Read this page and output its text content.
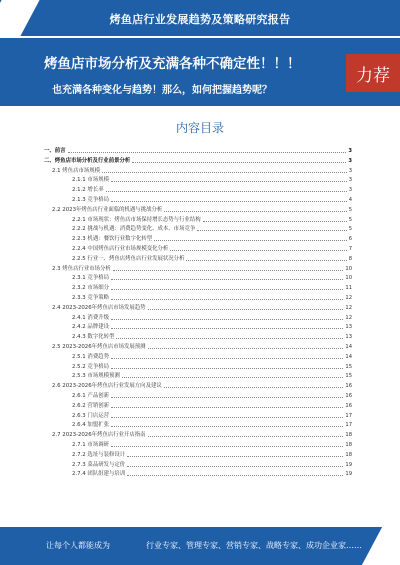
烤鱼店行业发展趋势及策略研究报告
烤鱼店市场分析及充满各种不确定性！！！
也充满各种变化与趋势！那么，如何把握趋势呢？
力荐
内容目录
一、前言	3
二、烤鱼店市场分析及行业前景分析	3
2.1 烤鱼店市场规模	3
2.1.1 市场规模	3
2.1.2 增长率	3
2.1.3 竞争格局	4
2.2 2023年烤鱼店行业面临的机遇与挑战分析	5
2.2.1 市场现状：烤鱼店市场保持增长态势与行业结构	5
2.2.2 挑战与机遇：消费趋势变化、成本、市场竞争	5
2.2.3 机遇：餐饮行业数字化转型	6
2.2.4 中国烤鱼店行业市场规模变化分析	7
2.2.5 行业一、烤鱼店烤鱼店行业发展状况分析	8
2.3 烤鱼店行业市场分析	10
2.3.1 竞争格局	10
2.3.2 市场细分	11
2.3.3 竞争策略	12
2.4 2023-2026年烤鱼店市场发展趋势	12
2.4.1 消费升级	12
2.4.2 品牌建设	13
2.4.3 数字化转型	13
2.5 2023-2026年烤鱼店市场发展预测	14
2.5.1 消费趋势	14
2.5.2 竞争格局	15
2.5.3 市场规模预测	15
2.6 2023-2026年烤鱼店行业发展方向及建议	16
2.6.1 产品创新	16
2.6.2 营销创新	16
2.6.3 门店运营	17
2.6.4 加盟扩张	17
2.7 2023-2026年烤鱼店行业开店指南	18
2.7.1 市场调研	18
2.7.2 选址与装修设计	18
2.7.3 菜品研发与定价	19
2.7.4 团队组建与培训	19
让每个人都能成为	行业专家、管理专家、营销专家、战略专家、成功企业家……
